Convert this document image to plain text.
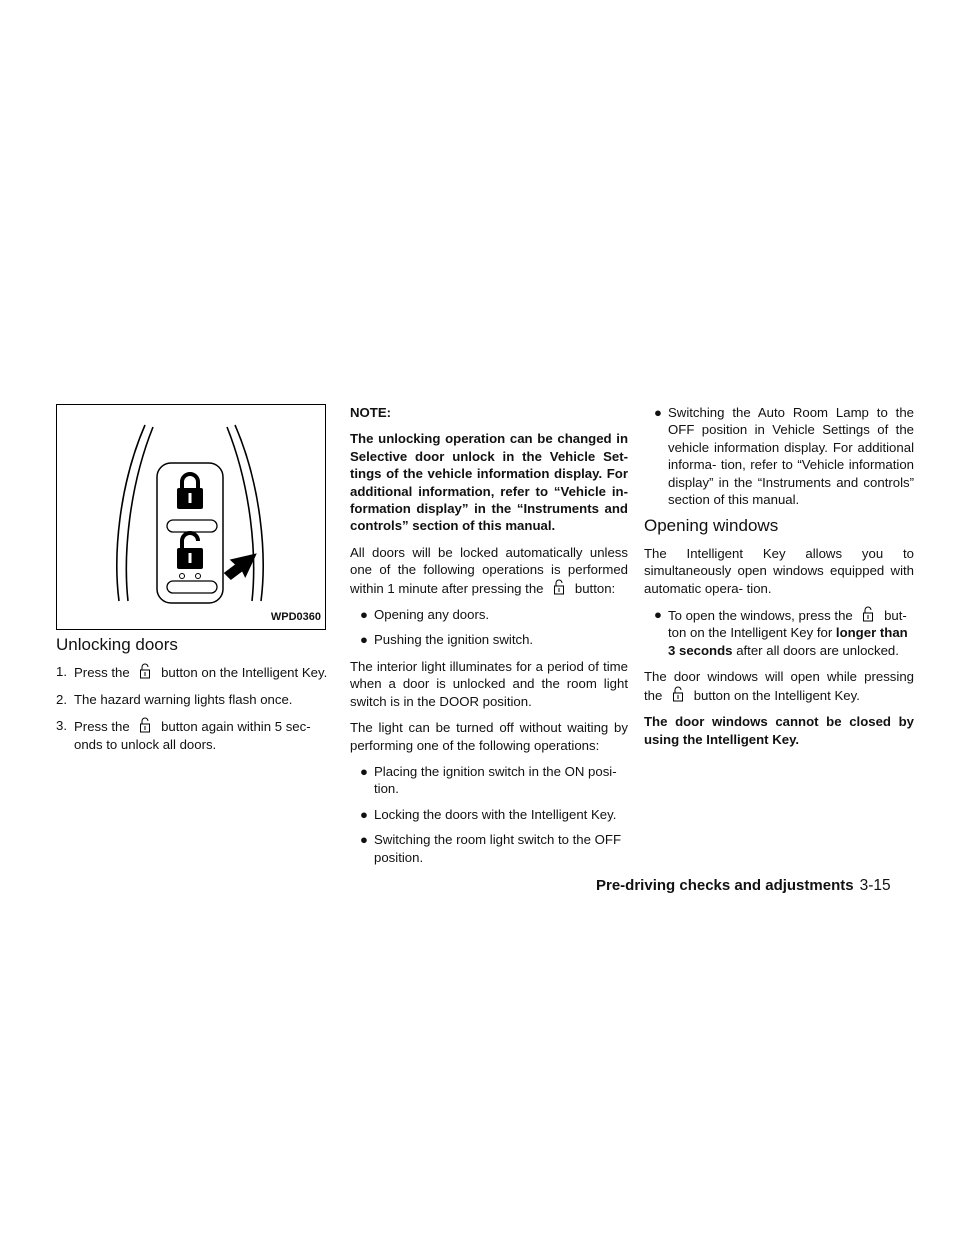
WPD0360
Unlocking doors
1. Press the button on the Intelligent Key.
2. The hazard warning lights flash once.
3. Press the button again within 5 sec- onds to unlock all doors.

NOTE:

The unlocking operation can be changed in Selective door unlock in the Vehicle Set- tings of the vehicle information display. For additional information, refer to “Vehicle in- formation display” in the “Instruments and controls” section of this manual.

All doors will be locked automatically unless one of the following operations is performed within 1 minute after pressing the button:

● Opening any doors.
● Pushing the ignition switch.

The interior light illuminates for a period of time when a door is unlocked and the room light switch is in the DOOR position.

The light can be turned off without waiting by performing one of the following operations:

● Placing the ignition switch in the ON posi- tion.
● Locking the doors with the Intelligent Key.
● Switching the room light switch to the OFF position.
● Switching the Auto Room Lamp to the OFF position in Vehicle Settings of the vehicle information display. For additional informa- tion, refer to “Vehicle information display” in the “Instruments and controls” section of this manual.
Opening windows

The Intelligent Key allows you to simultaneously open windows equipped with automatic opera- tion.

● To open the windows, press the but- ton on the Intelligent Key for longer than 3 seconds after all doors are unlocked.

The door windows will open while pressing the button on the Intelligent Key.

The door windows cannot be closed by using the Intelligent Key.

Pre-driving checks and adjustments 3-15
